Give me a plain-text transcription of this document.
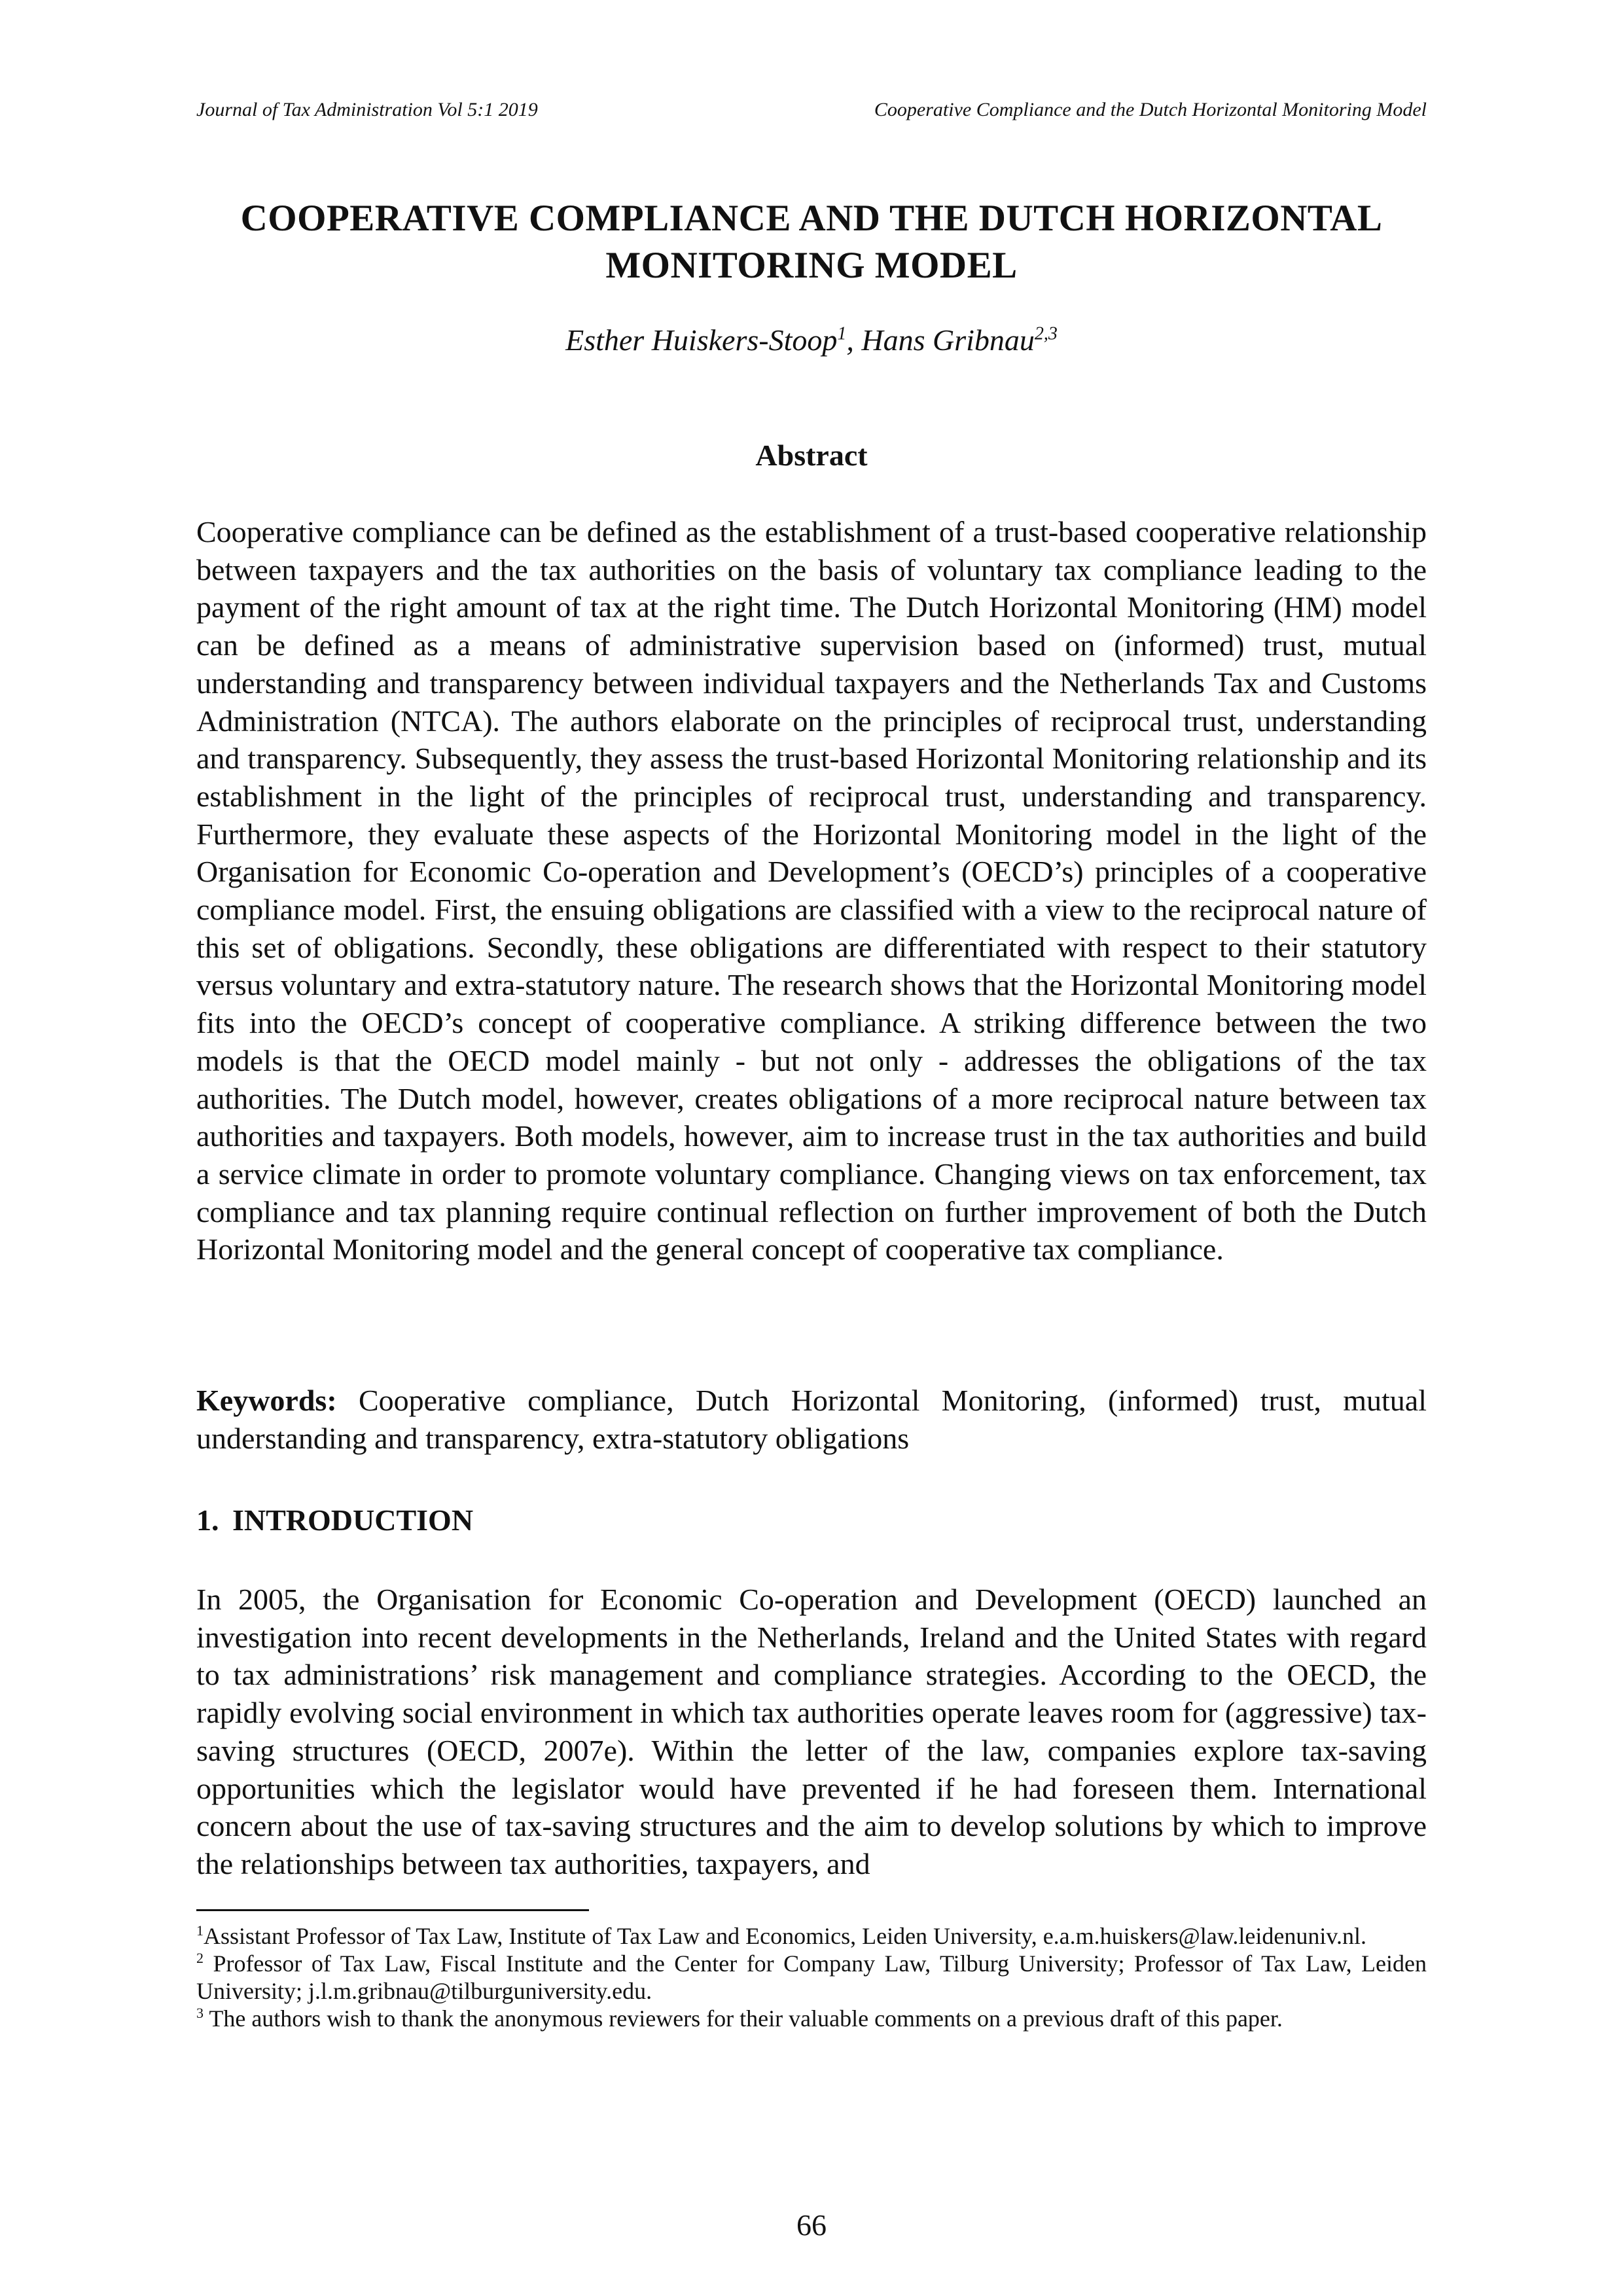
Journal of Tax Administration Vol 5:1 2019	Cooperative Compliance and the Dutch Horizontal Monitoring Model
COOPERATIVE COMPLIANCE AND THE DUTCH HORIZONTAL
MONITORING MODEL
Esther Huiskers-Stoop$^1$, Hans Gribnau$^{2,3}$
Abstract

Cooperative compliance can be defined as the establishment of a trust-based cooperative relationship between taxpayers and the tax authorities on the basis of voluntary tax compliance leading to the payment of the right amount of tax at the right time. The Dutch Horizontal Monitoring (HM) model can be defined as a means of administrative supervision based on (informed) trust, mutual understanding and transparency between individual taxpayers and the Netherlands Tax and Customs Administration (NTCA). The authors elaborate on the principles of reciprocal trust, understanding and transparency. Subsequently, they assess the trust-based Horizontal Monitoring relationship and its establishment in the light of the principles of reciprocal trust, understanding and transparency. Furthermore, they evaluate these aspects of the Horizontal Monitoring model in the light of the Organisation for Economic Co-operation and Development’s (OECD’s) principles of a cooperative compliance model. First, the ensuing obligations are classified with a view to the reciprocal nature of this set of obligations. Secondly, these obligations are differentiated with respect to their statutory versus voluntary and extra-statutory nature. The research shows that the Horizontal Monitoring model fits into the OECD’s concept of cooperative compliance. A striking difference between the two models is that the OECD model mainly - but not only - addresses the obligations of the tax authorities. The Dutch model, however, creates obligations of a more reciprocal nature between tax authorities and taxpayers. Both models, however, aim to increase trust in the tax authorities and build a service climate in order to promote voluntary compliance. Changing views on tax enforcement, tax compliance and tax planning require continual reflection on further improvement of both the Dutch Horizontal Monitoring model and the general concept of cooperative tax compliance.

Keywords: Cooperative compliance, Dutch Horizontal Monitoring, (informed) trust, mutual understanding and transparency, extra-statutory obligations

1. INTRODUCTION

In 2005, the Organisation for Economic Co-operation and Development (OECD) launched an investigation into recent developments in the Netherlands, Ireland and the United States with regard to tax administrations’ risk management and compliance strategies. According to the OECD, the rapidly evolving social environment in which tax authorities operate leaves room for (aggressive) tax-saving structures (OECD, 2007e). Within the letter of the law, companies explore tax-saving opportunities which the legislator would have prevented if he had foreseen them. International concern about the use of tax-saving structures and the aim to develop solutions by which to improve the relationships between tax authorities, taxpayers, and

$^1$Assistant Professor of Tax Law, Institute of Tax Law and Economics, Leiden University, e.a.m.huiskers@law.leidenuniv.nl.

$^2$ Professor of Tax Law, Fiscal Institute and the Center for Company Law, Tilburg University; Professor of Tax Law, Leiden University; j.l.m.gribnau@tilburguniversity.edu.

$^3$ The authors wish to thank the anonymous reviewers for their valuable comments on a previous draft of this paper.

66
